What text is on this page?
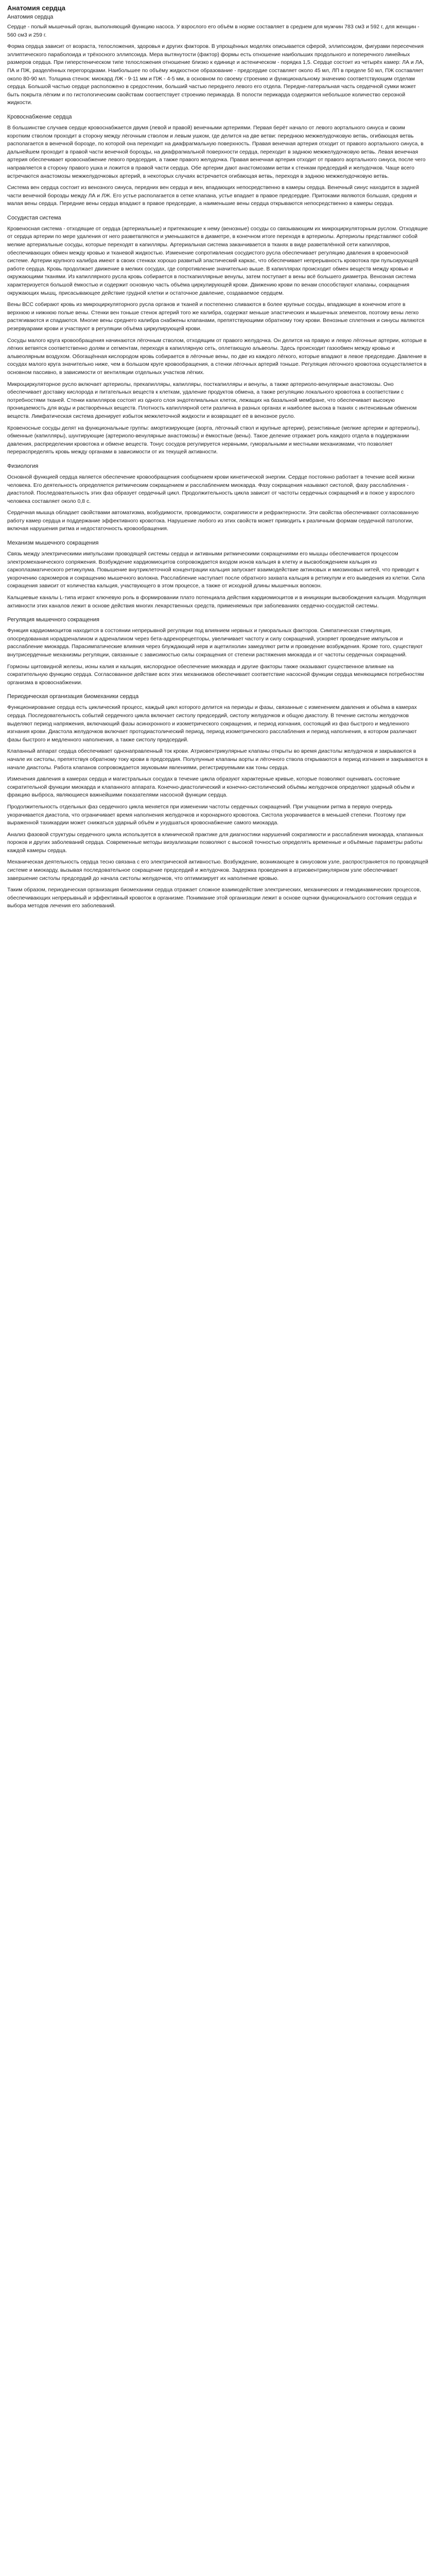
Анатомия сердца
Анатомия сердца

Сердце - полый мышечный орган, выполняющий функцию насоса. У взрослого его объём в норме составляет в среднем для мужчин 783 см3 и 592 г, для женщин - 560 см3 и 259 г.

Форма сердца зависит от возраста, телосложения, здоровья и других факторов. В упрощённых моделях описывается сферой, эллипсоидом, фигурами пересечения эллиптического параболоида и трёхосного эллипсоида. Мера вытянутости (фактор) формы есть отношение наибольших продольного и поперечного линейных размеров сердца. При гиперстеническом типе телосложения отношение близко к единице и астеническом - порядка 1,5. Сердце состоит из четырёх камер: ЛА и ЛА, ПА и ПЖ, разделённых перегородками. Наибольшее по объёму жидкостное образование - предсердие составляет около 45 мл, ЛП в пределе 50 мл, ПЖ составляет около 80-90 мл. Толщина стенок: миокард ЛЖ - 9-11 мм и ПЖ - 4-5 мм, в основном по своему строению и функциональному значению соответствующим отделам сердца. Большой частью сердце расположено в средостении, больший частью переднего левого его отдела. Передне-латеральная часть сердечной сумки может быть покрыта лёгким и по гистологическим свойствам соответствует строению перикарда. В полости перикарда содержится небольшое количество серозной жидкости.

Кровоснабжение сердца

В большинстве случаев сердце кровоснабжается двумя (левой и правой) венечными артериями. Первая берёт начало от левого аортального синуса и своим коротким стволом проходит в сторону между лёгочным стволом и левым ушком, где делится на две ветви: переднюю межжелудочковую ветвь, огибающая ветвь располагается в венечной борозде, по которой она переходит на диафрагмальную поверхность. Правая венечная артерия отходит от правого аортального синуса, в дальнейшем проходит в правой части венечной борозды, на диафрагмальной поверхности сердца, переходит в заднюю межжелудочковую ветвь. Левая венечная артерия обеспечивает кровоснабжение левого предсердия, а также правого желудочка. Правая венечная артерия отходит от правого аортального синуса, после чего направляется в сторону правого ушка и ложится в правой части сердца. Обе артерии дают анастомозами ветви к стенкам предсердий и желудочков. Чаще всего встречаются анастомозы межжелудочковых артерий, в некоторых случаях встречается огибающая ветвь, переходя в заднюю межжелудочковую ветвь.

Система вен сердца состоит из венозного синуса, передних вен сердца и вен, впадающих непосредственно в камеры сердца. Венечный синус находится в задней части венечной борозды между ЛА и ЛЖ. Его устье располагается в сетке клапана, устье впадает в правое предсердие. Притоками являются большая, средняя и малая вены сердца. Передние вены сердца впадают в правое предсердие, а наименьшие вены сердца открываются непосредственно в камеры сердца.

Сосудистая система

Кровеносная система - отходящие от сердца (артериальные) и притекающие к нему (венозные) сосуды со связывающим их микроциркуляторным руслом. Отходящие от сердца артерии по мере удаления от него разветвляются и уменьшаются в диаметре, в конечном итоге переходя в артериолы. Артериолы представляют собой мелкие артериальные сосуды, которые переходят в капилляры. Артериальная система заканчивается в тканях в виде разветвлённой сети капилляров, обеспечивающих обмен между кровью и тканевой жидкостью. Изменение сопротивления сосудистого русла обеспечивает регуляцию давления в кровеносной системе. Артерии крупного калибра имеют в своих стенках хорошо развитый эластический каркас, что обеспечивает непрерывность кровотока при пульсирующей работе сердца. Кровь продолжает движение в мелких сосудах, где сопротивление значительно выше. В капиллярах происходит обмен веществ между кровью и окружающими тканями. Из капиллярного русла кровь собирается в посткапиллярные венулы, затем поступает в вены всё большего диаметра. Венозная система характеризуется большой ёмкостью и содержит основную часть объёма циркулирующей крови. Движению крови по венам способствуют клапаны, сокращения окружающих мышц, присасывающее действие грудной клетки и остаточное давление, создаваемое сердцем.

Вены ВСС собирают кровь из микроциркуляторного русла органов и тканей и постепенно сливаются в более крупные сосуды, впадающие в конечном итоге в верхнюю и нижнюю полые вены. Стенки вен тоньше стенок артерий того же калибра, содержат меньше эластических и мышечных элементов, поэтому вены легко растягиваются и спадаются. Многие вены среднего калибра снабжены клапанами, препятствующими обратному току крови. Венозные сплетения и синусы являются резервуарами крови и участвуют в регуляции объёма циркулирующей крови.

Сосуды малого круга кровообращения начинаются лёгочным стволом, отходящим от правого желудочка. Он делится на правую и левую лёгочные артерии, которые в лёгких ветвятся соответственно долям и сегментам, переходя в капиллярную сеть, оплетающую альвеолы. Здесь происходит газообмен между кровью и альвеолярным воздухом. Обогащённая кислородом кровь собирается в лёгочные вены, по две из каждого лёгкого, которые впадают в левое предсердие. Давление в сосудах малого круга значительно ниже, чем в большом круге кровообращения, а стенки лёгочных артерий тоньше. Регуляция лёгочного кровотока осуществляется в основном пассивно, в зависимости от вентиляции отдельных участков лёгких.

Микроциркуляторное русло включает артериолы, прекапилляры, капилляры, посткапилляры и венулы, а также артериоло-венулярные анастомозы. Оно обеспечивает доставку кислорода и питательных веществ к клеткам, удаление продуктов обмена, а также регуляцию локального кровотока в соответствии с потребностями тканей. Стенки капилляров состоят из одного слоя эндотелиальных клеток, лежащих на базальной мембране, что обеспечивает высокую проницаемость для воды и растворённых веществ. Плотность капиллярной сети различна в разных органах и наиболее высока в тканях с интенсивным обменом веществ. Лимфатическая система дренирует избыток межклеточной жидкости и возвращает её в венозное русло.

Кровеносные сосуды делят на функциональные группы: амортизирующие (аорта, лёгочный ствол и крупные артерии), резистивные (мелкие артерии и артериолы), обменные (капилляры), шунтирующие (артериоло-венулярные анастомозы) и ёмкостные (вены). Такое деление отражает роль каждого отдела в поддержании давления, распределении кровотока и обмене веществ. Тонус сосудов регулируется нервными, гуморальными и местными механизмами, что позволяет перераспределять кровь между органами в зависимости от их текущей активности.

Физиология

Основной функцией сердца является обеспечение кровообращения сообщением крови кинетической энергии. Сердце постоянно работает в течение всей жизни человека. Его деятельность определяется ритмическим сокращением и расслаблением миокарда. Фазу сокращения называют систолой, фазу расслабления - диастолой. Последовательность этих фаз образует сердечный цикл. Продолжительность цикла зависит от частоты сердечных сокращений и в покое у взрослого человека составляет около 0,8 с.

Сердечная мышца обладает свойствами автоматизма, возбудимости, проводимости, сократимости и рефрактерности. Эти свойства обеспечивают согласованную работу камер сердца и поддержание эффективного кровотока. Нарушение любого из этих свойств может приводить к различным формам сердечной патологии, включая нарушения ритма и недостаточность кровообращения.

Механизм мышечного сокращения

Связь между электрическими импульсами проводящей системы сердца и активными ритмическими сокращениями его мышцы обеспечивается процессом электромеханического сопряжения. Возбуждение кардиомиоцитов сопровождается входом ионов кальция в клетку и высвобождением кальция из саркоплазматического ретикулума. Повышение внутриклеточной концентрации кальция запускает взаимодействие актиновых и миозиновых нитей, что приводит к укорочению саркомеров и сокращению мышечного волокна. Расслабление наступает после обратного захвата кальция в ретикулум и его выведения из клетки. Сила сокращения зависит от количества кальция, участвующего в этом процессе, а также от исходной длины мышечных волокон.

Кальциевые каналы L-типа играют ключевую роль в формировании плато потенциала действия кардиомиоцитов и в инициации высвобождения кальция. Модуляция активности этих каналов лежит в основе действия многих лекарственных средств, применяемых при заболеваниях сердечно-сосудистой системы.

Регуляция мышечного сокращения

Функция кардиомиоцитов находится в состоянии непрерывной регуляции под влиянием нервных и гуморальных факторов. Симпатическая стимуляция, опосредованная норадреналином и адреналином через бета-адренорецепторы, увеличивает частоту и силу сокращений, ускоряет проведение импульсов и расслабление миокарда. Парасимпатические влияния через блуждающий нерв и ацетилхолин замедляют ритм и проведение возбуждения. Кроме того, существуют внутрисердечные механизмы регуляции, связанные с зависимостью силы сокращения от степени растяжения миокарда и от частоты сердечных сокращений.

Гормоны щитовидной железы, ионы калия и кальция, кислородное обеспечение миокарда и другие факторы также оказывают существенное влияние на сократительную функцию сердца. Согласованное действие всех этих механизмов обеспечивает соответствие насосной функции сердца меняющимся потребностям организма в кровоснабжении.

Периодическая организация биомеханики сердца

Функционирование сердца есть циклический процесс, каждый цикл которого делится на периоды и фазы, связанные с изменением давления и объёма в камерах сердца. Последовательность событий сердечного цикла включает систолу предсердий, систолу желудочков и общую диастолу. В течение систолы желудочков выделяют период напряжения, включающий фазы асинхронного и изометрического сокращения, и период изгнания, состоящий из фаз быстрого и медленного изгнания крови. Диастола желудочков включает протодиастолический период, период изометрического расслабления и период наполнения, в котором различают фазы быстрого и медленного наполнения, а также систолу предсердий.

Клапанный аппарат сердца обеспечивает однонаправленный ток крови. Атриовентрикулярные клапаны открыты во время диастолы желудочков и закрываются в начале их систолы, препятствуя обратному току крови в предсердия. Полулунные клапаны аорты и лёгочного ствола открываются в период изгнания и закрываются в начале диастолы. Работа клапанов сопровождается звуковыми явлениями, регистрируемыми как тоны сердца.

Изменения давления в камерах сердца и магистральных сосудах в течение цикла образуют характерные кривые, которые позволяют оценивать состояние сократительной функции миокарда и клапанного аппарата. Конечно-диастолический и конечно-систолический объёмы желудочков определяют ударный объём и фракцию выброса, являющиеся важнейшими показателями насосной функции сердца.

Продолжительность отдельных фаз сердечного цикла меняется при изменении частоты сердечных сокращений. При учащении ритма в первую очередь укорачивается диастола, что ограничивает время наполнения желудочков и коронарного кровотока. Систола укорачивается в меньшей степени. Поэтому при выраженной тахикардии может снижаться ударный объём и ухудшаться кровоснабжение самого миокарда.

Анализ фазовой структуры сердечного цикла используется в клинической практике для диагностики нарушений сократимости и расслабления миокарда, клапанных пороков и других заболеваний сердца. Современные методы визуализации позволяют с высокой точностью определять временные и объёмные параметры работы каждой камеры сердца.

Механическая деятельность сердца тесно связана с его электрической активностью. Возбуждение, возникающее в синусовом узле, распространяется по проводящей системе и миокарду, вызывая последовательное сокращение предсердий и желудочков. Задержка проведения в атриовентрикулярном узле обеспечивает завершение систолы предсердий до начала систолы желудочков, что оптимизирует их наполнение кровью.

Таким образом, периодическая организация биомеханики сердца отражает сложное взаимодействие электрических, механических и гемодинамических процессов, обеспечивающих непрерывный и эффективный кровоток в организме. Понимание этой организации лежит в основе оценки функционального состояния сердца и выбора методов лечения его заболеваний.
